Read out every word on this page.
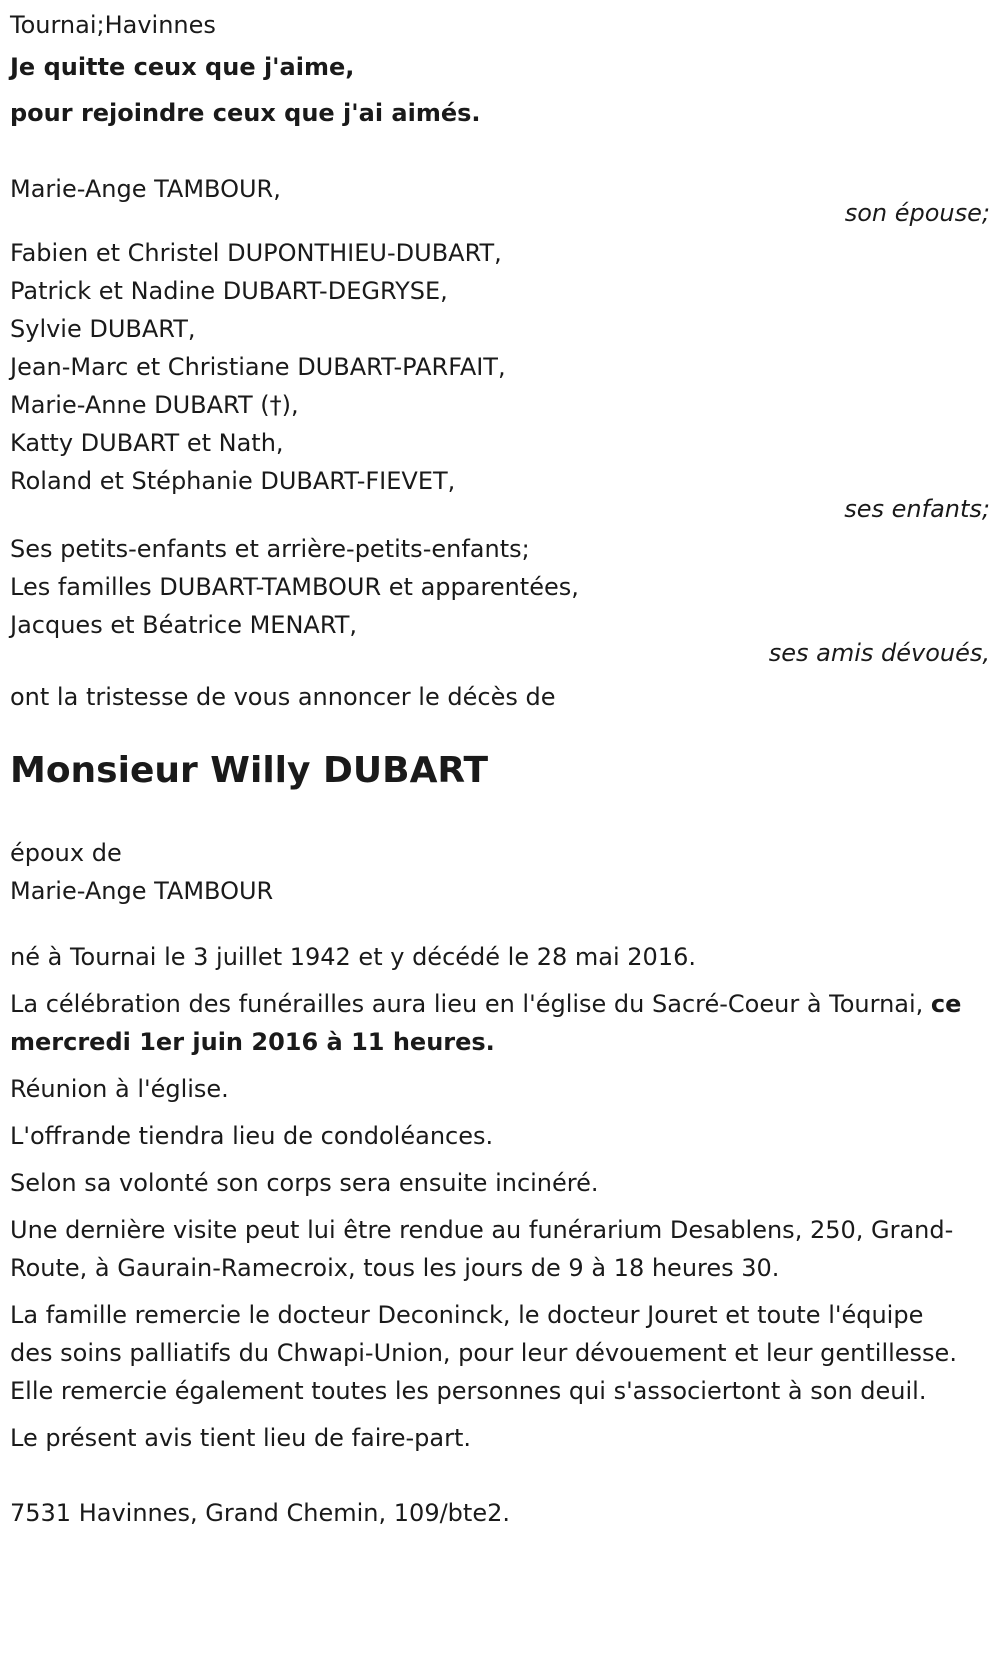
Tournai;Havinnes
Je quitte ceux que j'aime,
pour rejoindre ceux que j'ai aimés.
Marie-Ange TAMBOUR,
son épouse;
Fabien et Christel DUPONTHIEU-DUBART,
Patrick et Nadine DUBART-DEGRYSE,
Sylvie DUBART,
Jean-Marc et Christiane DUBART-PARFAIT,
Marie-Anne DUBART (†),
Katty DUBART et Nath,
Roland et Stéphanie DUBART-FIEVET,
ses enfants;
Ses petits-enfants et arrière-petits-enfants;
Les familles DUBART-TAMBOUR et apparentées,
Jacques et Béatrice MENART,
ses amis dévoués,
ont la tristesse de vous annoncer le décès de
Monsieur Willy DUBART
époux de
Marie-Ange TAMBOUR
né à Tournai le 3 juillet 1942 et y décédé le 28 mai 2016.
La célébration des funérailles aura lieu en l'église du Sacré-Coeur à Tournai, ce mercredi 1er juin 2016 à 11 heures.
Réunion à l'église.
L'offrande tiendra lieu de condoléances.
Selon sa volonté son corps sera ensuite incinéré.
Une dernière visite peut lui être rendue au funérarium Desablens, 250, Grand-Route, à Gaurain-Ramecroix, tous les jours de 9 à 18 heures 30.
La famille remercie le docteur Deconinck, le docteur Jouret et toute l'équipe des soins palliatifs du Chwapi-Union, pour leur dévouement et leur gentillesse. Elle remercie également toutes les personnes qui s'associertont à son deuil.
Le présent avis tient lieu de faire-part.
7531 Havinnes, Grand Chemin, 109/bte2.
